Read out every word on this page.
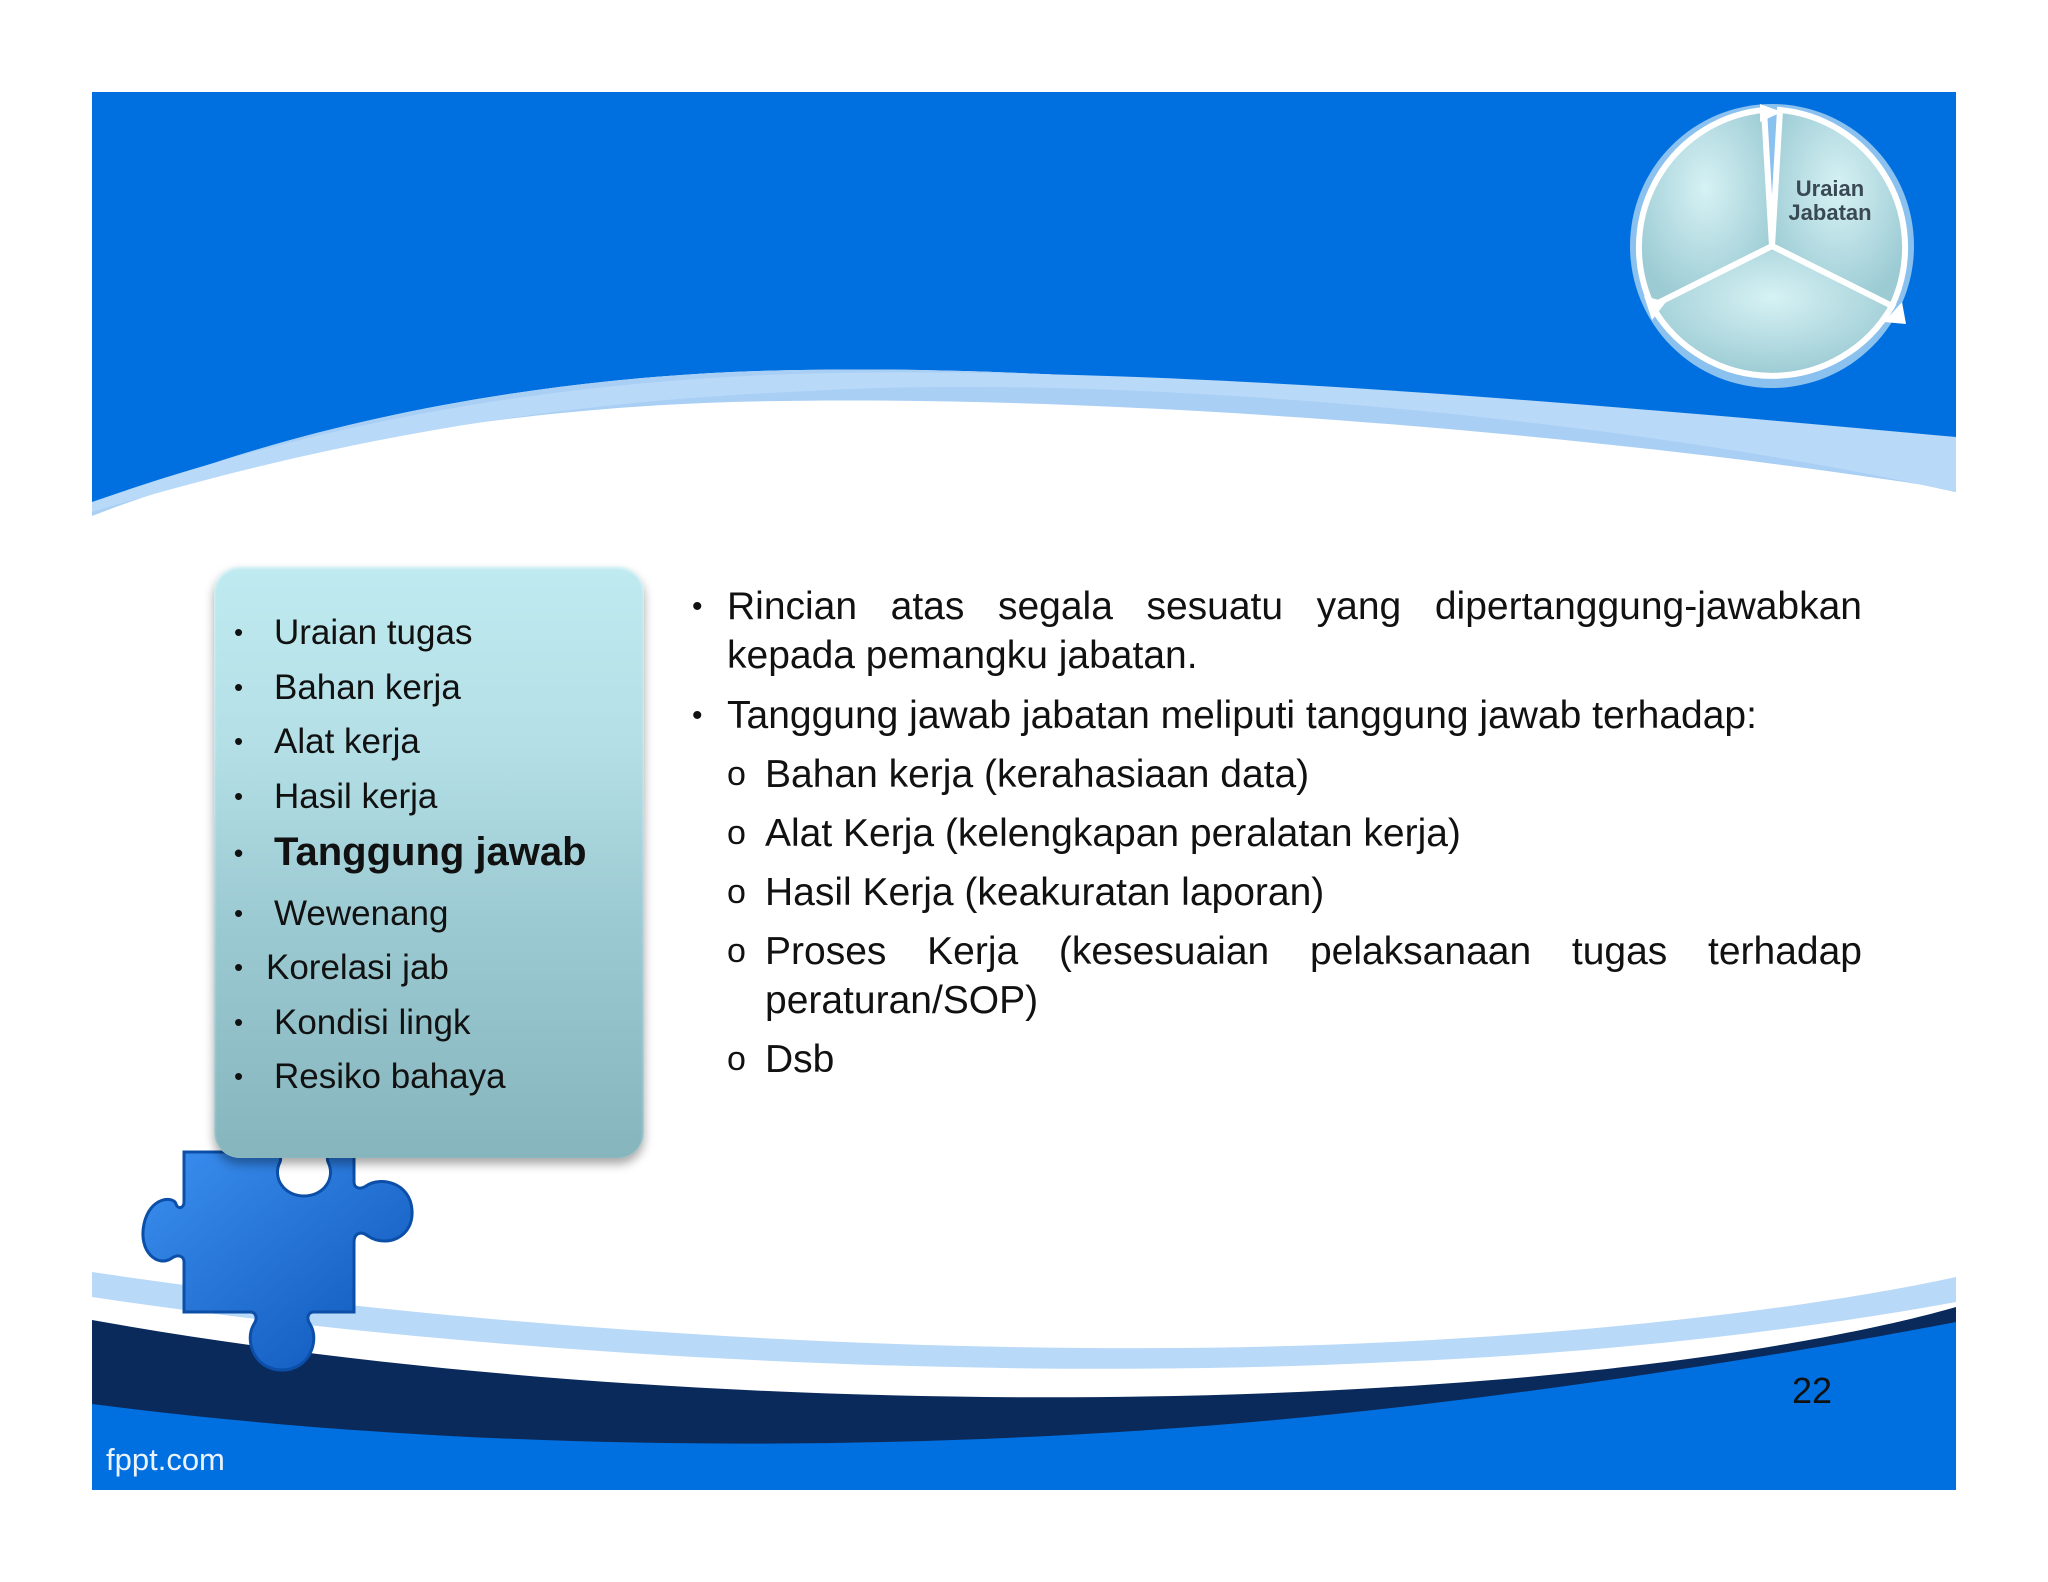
Uraian
Jabatan
• Uraian tugas
• Bahan kerja
• Alat kerja
• Hasil kerja
• Tanggung jawab
• Wewenang
• Korelasi jab
• Kondisi lingk
• Resiko bahaya
• Rincian atas segala sesuatu yang dipertanggung-jawabkan kepada pemangku jabatan.
• Tanggung jawab jabatan meliputi tanggung jawab terhadap:
o Bahan kerja (kerahasiaan data)
o Alat Kerja (kelengkapan peralatan kerja)
o Hasil Kerja (keakuratan laporan)
o Proses Kerja (kesesuaian pelaksanaan tugas terhadap peraturan/SOP)
o Dsb
22
fppt.com
